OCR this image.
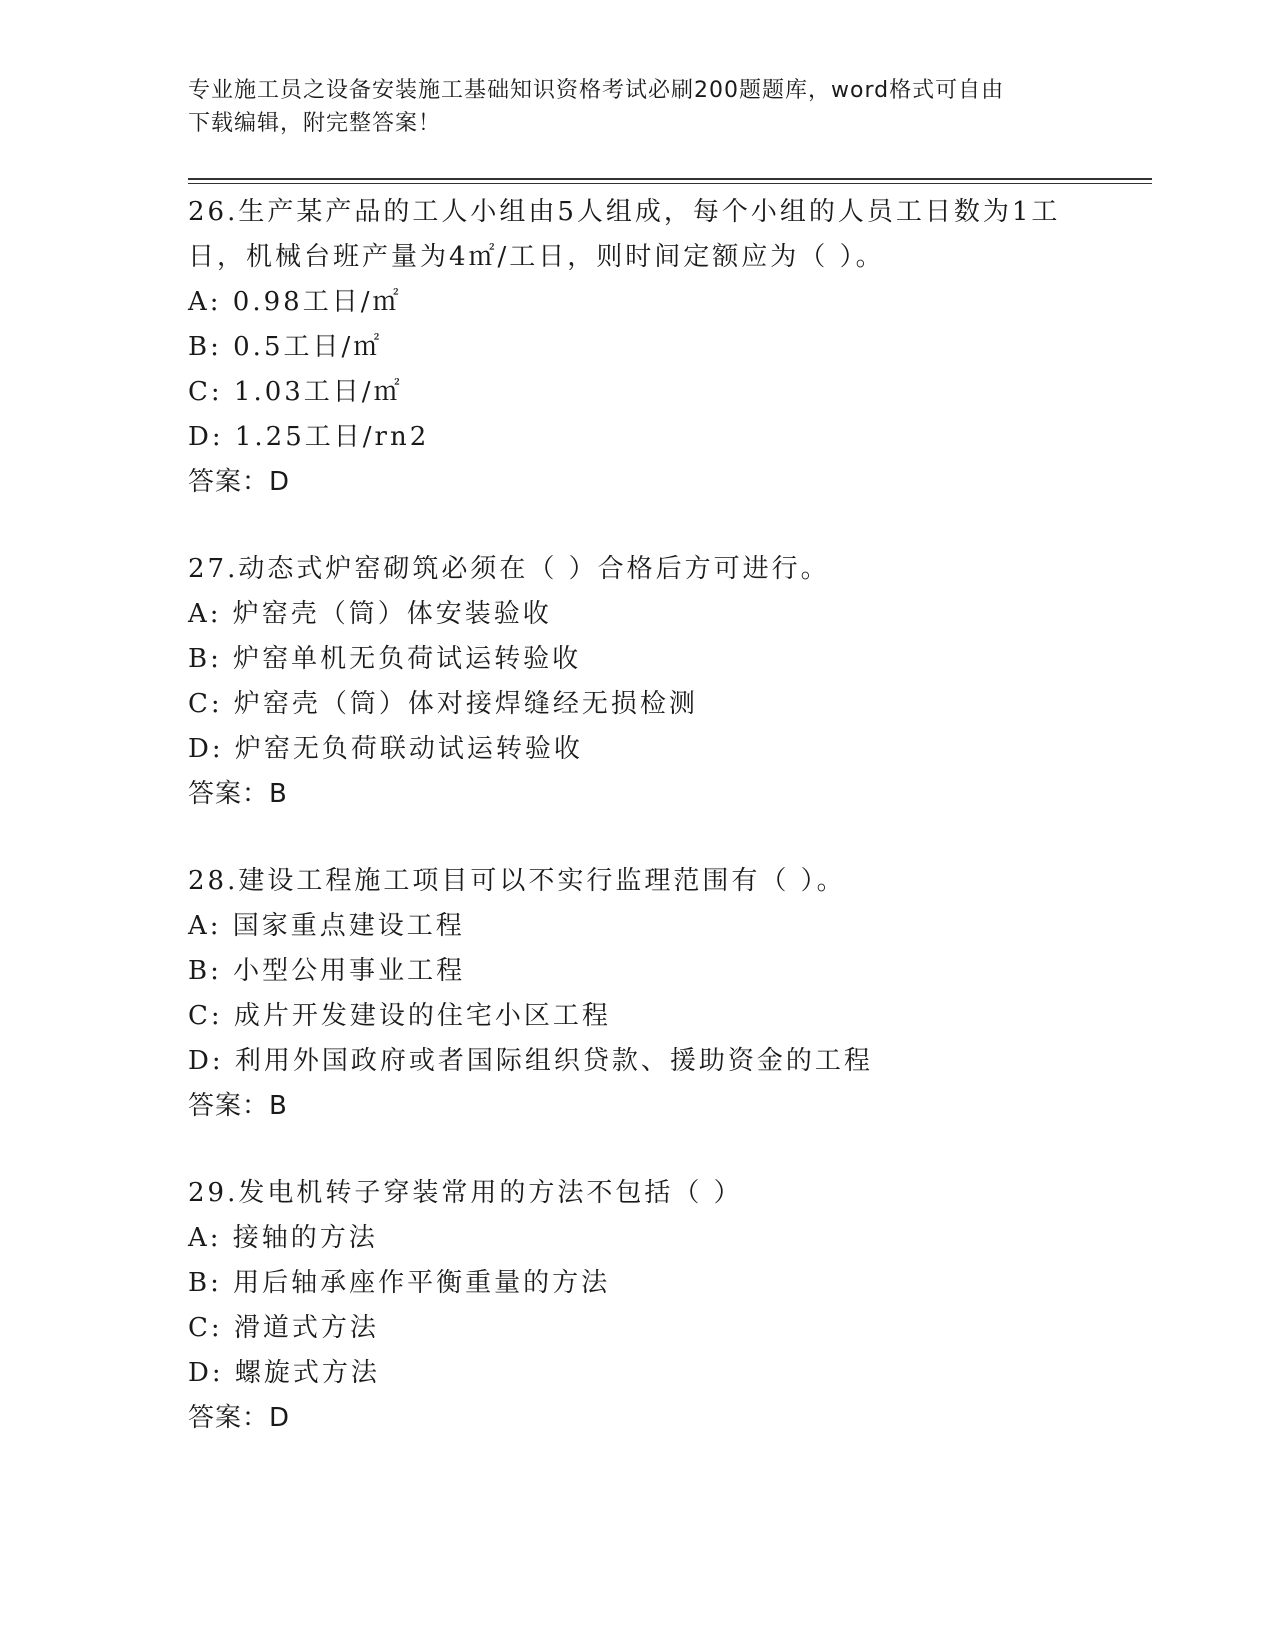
专业施工员之设备安装施工基础知识资格考试必刷200题题库，word格式可自由
下载编辑，附完整答案！
26.生产某产品的工人小组由5人组成，每个小组的人员工日数为1工
日，机械台班产量为4㎡/工日，则时间定额应为（ ）。
A: 0.98工日/㎡
B: 0.5工日/㎡
C: 1.03工日/㎡
D: 1.25工日/rn2
答案：D
27.动态式炉窑砌筑必须在（ ）合格后方可进行。
A: 炉窑壳（筒）体安装验收
B: 炉窑单机无负荷试运转验收
C: 炉窑壳（筒）体对接焊缝经无损检测
D: 炉窑无负荷联动试运转验收
答案：B
28.建设工程施工项目可以不实行监理范围有（ ）。
A: 国家重点建设工程
B: 小型公用事业工程
C: 成片开发建设的住宅小区工程
D: 利用外国政府或者国际组织贷款、援助资金的工程
答案：B
29.发电机转子穿装常用的方法不包括（ ）
A: 接轴的方法
B: 用后轴承座作平衡重量的方法
C: 滑道式方法
D: 螺旋式方法
答案：D
